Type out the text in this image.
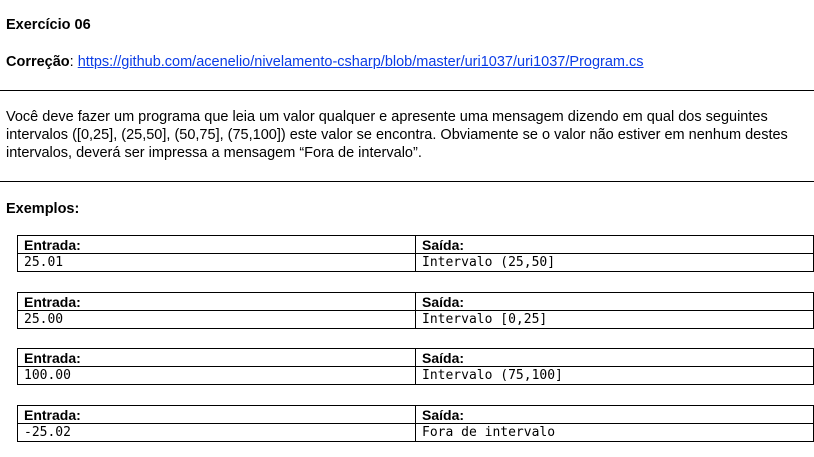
Exercício 06
Correção: https://github.com/acenelio/nivelamento-csharp/blob/master/uri1037/uri1037/Program.cs
Você deve fazer um programa que leia um valor qualquer e apresente uma mensagem dizendo em qual dos seguintes intervalos ([0,25], (25,50], (50,75], (75,100]) este valor se encontra. Obviamente se o valor não estiver em nenhum destes intervalos, deverá ser impressa a mensagem “Fora de intervalo”.
Exemplos:
Entrada:	Saída:
25.01	Intervalo (25,50]
Entrada:	Saída:
25.00	Intervalo [0,25]
Entrada:	Saída:
100.00	Intervalo (75,100]
Entrada:	Saída:
-25.02	Fora de intervalo
